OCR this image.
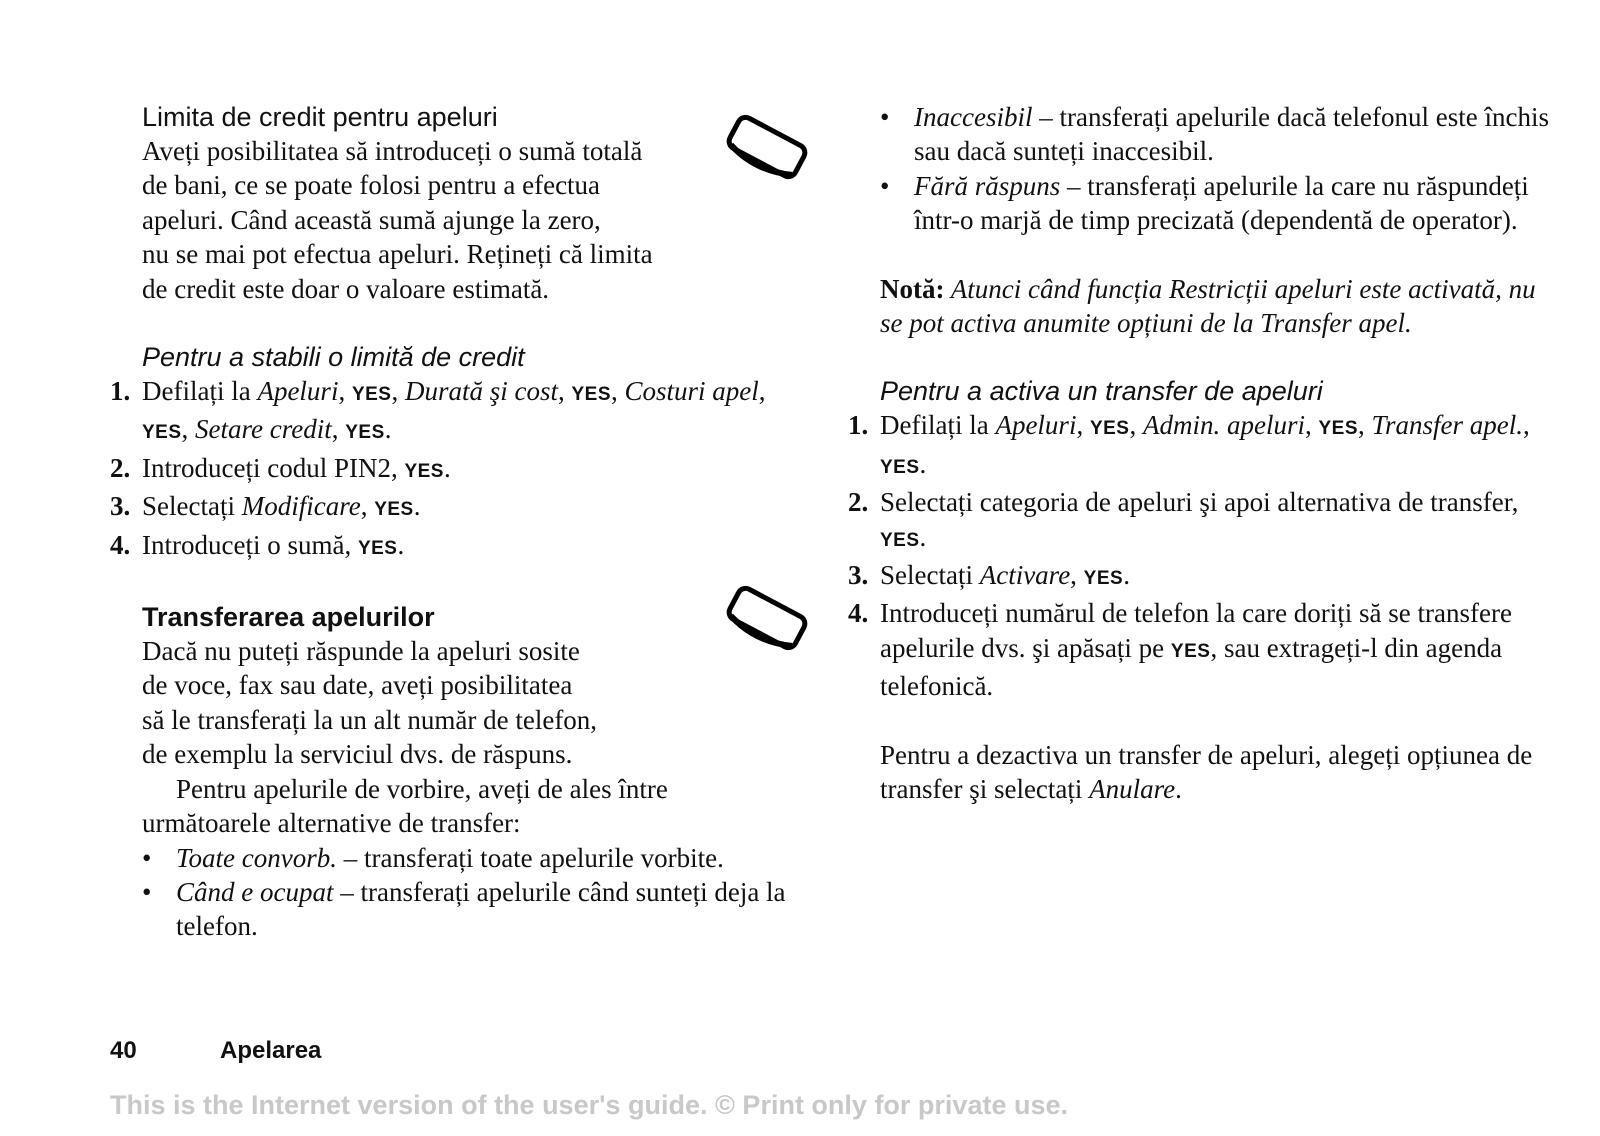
Limita de credit pentru apeluri

Aveți posibilitatea să introduceți o sumă totală
de bani, ce se poate folosi pentru a efectua
apeluri. Când această sumă ajunge la zero,
nu se mai pot efectua apeluri. Rețineți că limita
de credit este doar o valoare estimată.

Pentru a stabili o limită de credit
1. Defilați la Apeluri, YES, Durată şi cost, YES, Costuri apel, YES, Setare credit, YES.
2. Introduceți codul PIN2, YES.
3. Selectați Modificare, YES.
4. Introduceți o sumă, YES.
Transferarea apelurilor

Dacă nu puteți răspunde la apeluri sosite
de voce, fax sau date, aveți posibilitatea
să le transferați la un alt număr de telefon,
de exemplu la serviciul dvs. de răspuns.

Pentru apelurile de vorbire, aveți de ales între
următoarele alternative de transfer:

• Toate convorb. – transferați toate apelurile vorbite.
• Când e ocupat – transferați apelurile când sunteți deja la telefon.
• Inaccesibil – transferați apelurile dacă telefonul este închis sau dacă sunteți inaccesibil.
• Fără răspuns – transferați apelurile la care nu răspundeți într-o marjă de timp precizată (dependentă de operator).

Notă: Atunci când funcția Restricții apeluri este activată, nu se pot activa anumite opțiuni de la Transfer apel.

Pentru a activa un transfer de apeluri
1. Defilați la Apeluri, YES, Admin. apeluri, YES, Transfer apel., YES.
2. Selectați categoria de apeluri şi apoi alternativa de transfer, YES.
3. Selectați Activare, YES.
4. Introduceți numărul de telefon la care doriți să se transfere apelurile dvs. şi apăsați pe YES, sau extrageți-l din agenda telefonică.

Pentru a dezactiva un transfer de apeluri, alegeți opțiunea de transfer şi selectați Anulare.

40	Apelarea
This is the Internet version of the user's guide. © Print only for private use.
